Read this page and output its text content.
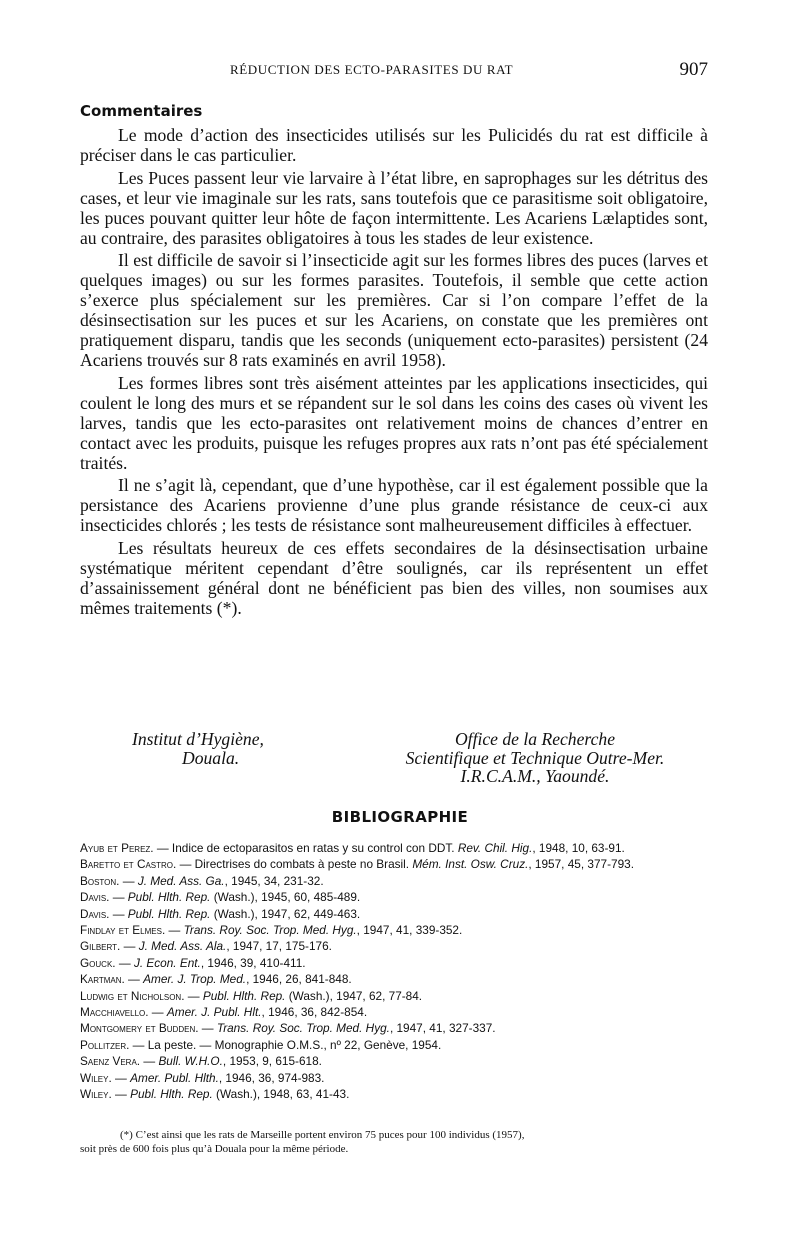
RÉDUCTION DES ECTO-PARASITES DU RAT	907
Commentaires

Le mode d’action des insecticides utilisés sur les Pulicidés du rat est difficile à préciser dans le cas particulier.

Les Puces passent leur vie larvaire à l’état libre, en saprophages sur les détritus des cases, et leur vie imaginale sur les rats, sans toutefois que ce parasitisme soit obligatoire, les puces pouvant quitter leur hôte de façon intermittente. Les Acariens Lælaptides sont, au contraire, des parasites obligatoires à tous les stades de leur existence.

Il est difficile de savoir si l’insecticide agit sur les formes libres des puces (larves et quelques images) ou sur les formes parasites. Toutefois, il semble que cette action s’exerce plus spécialement sur les premières. Car si l’on compare l’effet de la désinsectisation sur les puces et sur les Acariens, on constate que les premières ont pratiquement disparu, tandis que les seconds (uniquement ecto-parasites) persistent (24 Acariens trouvés sur 8 rats examinés en avril 1958).

Les formes libres sont très aisément atteintes par les applications insecticides, qui coulent le long des murs et se répandent sur le sol dans les coins des cases où vivent les larves, tandis que les ecto-parasites ont relativement moins de chances d’entrer en contact avec les produits, puisque les refuges propres aux rats n’ont pas été spécialement traités.

Il ne s’agit là, cependant, que d’une hypothèse, car il est également possible que la persistance des Acariens provienne d’une plus grande résistance de ceux-ci aux insecticides chlorés ; les tests de résistance sont malheureusement difficiles à effectuer.

Les résultats heureux de ces effets secondaires de la désinsectisation urbaine systématique méritent cependant d’être soulignés, car ils représentent un effet d’assainissement général dont ne bénéficient pas bien des villes, non soumises aux mêmes traitements (*).

Institut d’Hygiène,
Douala.
Office de la Recherche
Scientifique et Technique Outre-Mer.
I.R.C.A.M., Yaoundé.
BIBLIOGRAPHIE
Ayub et Perez. — Indice de ectoparasitos en ratas y su control con DDT. Rev. Chil. Hig., 1948, 10, 63-91.
Baretto et Castro. — Directrises do combats à peste no Brasil. Mém. Inst. Osw. Cruz., 1957, 45, 377-793.
Boston. — J. Med. Ass. Ga., 1945, 34, 231-32.
Davis. — Publ. Hlth. Rep. (Wash.), 1945, 60, 485-489.
Davis. — Publ. Hlth. Rep. (Wash.), 1947, 62, 449-463.
Findlay et Elmes. — Trans. Roy. Soc. Trop. Med. Hyg., 1947, 41, 339-352.
Gilbert. — J. Med. Ass. Ala., 1947, 17, 175-176.
Gouck. — J. Econ. Ent., 1946, 39, 410-411.
Kartman. — Amer. J. Trop. Med., 1946, 26, 841-848.
Ludwig et Nicholson. — Publ. Hlth. Rep. (Wash.), 1947, 62, 77-84.
Macchiavello. — Amer. J. Publ. Hlt., 1946, 36, 842-854.
Montgomery et Budden. — Trans. Roy. Soc. Trop. Med. Hyg., 1947, 41, 327-337.
Pollitzer. — La peste. — Monographie O.M.S., nº 22, Genève, 1954.
Saenz Vera. — Bull. W.H.O., 1953, 9, 615-618.
Wiley. — Amer. Publ. Hlth., 1946, 36, 974-983.
Wiley. — Publ. Hlth. Rep. (Wash.), 1948, 63, 41-43.
(*) C’est ainsi que les rats de Marseille portent environ 75 puces pour 100 individus (1957),
soit près de 600 fois plus qu’à Douala pour la même période.
